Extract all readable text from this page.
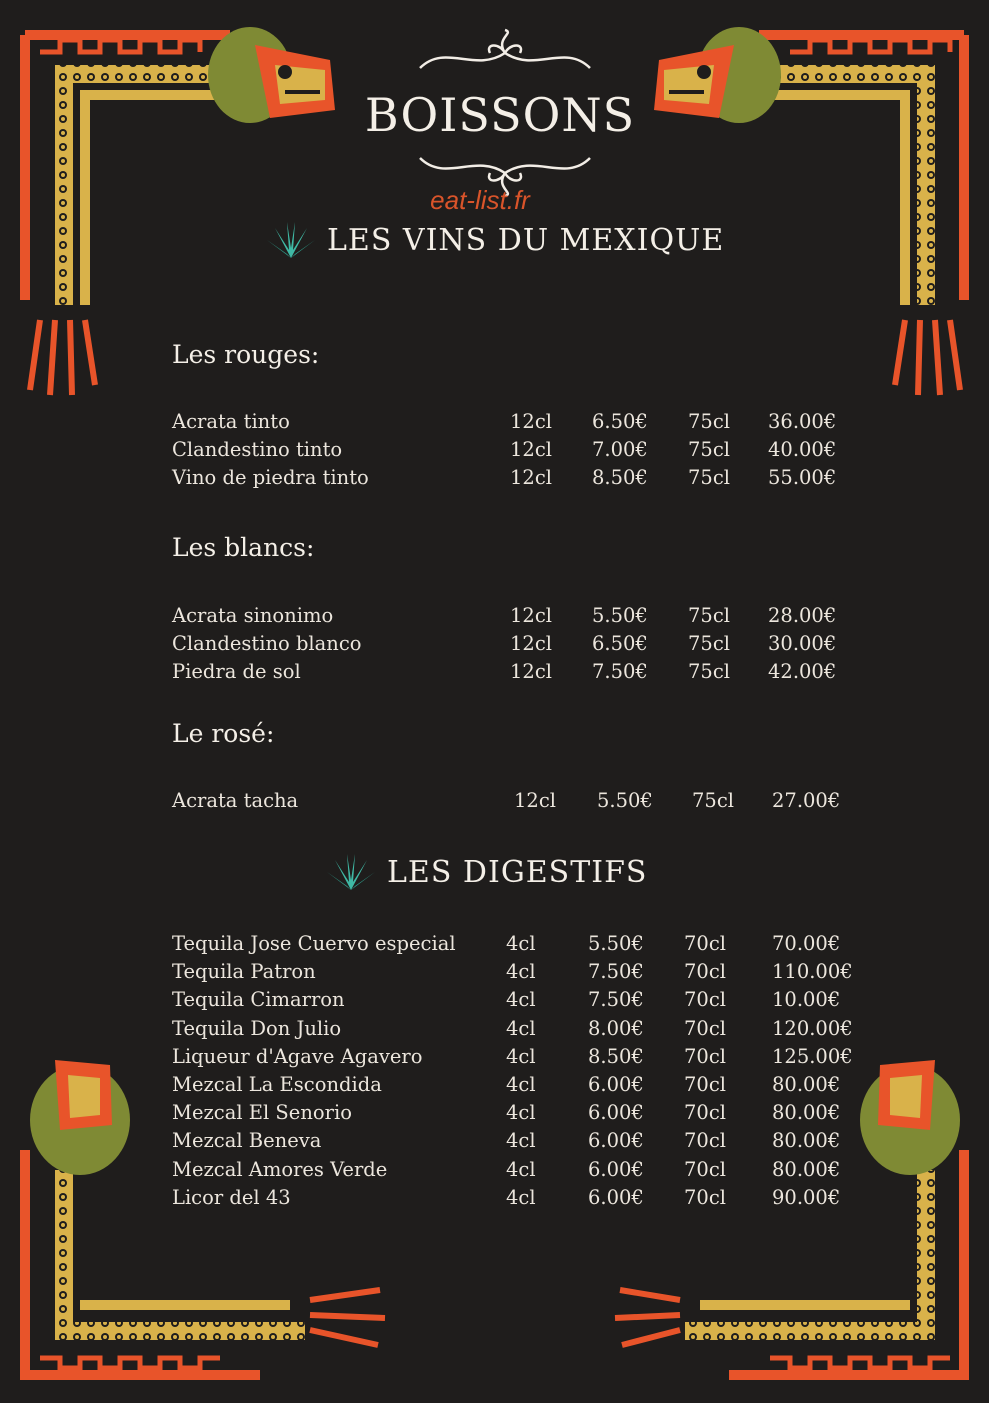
BOISSONS
eat-list.fr
LES VINS DU MEXIQUE
Les rouges:
Acrata tinto	12cl 6.50€ 75cl 36.00€
Clandestino tinto	12cl 7.00€ 75cl 40.00€
Vino de piedra tinto	12cl 8.50€ 75cl 55.00€
Les blancs:
Acrata sinonimo	12cl 5.50€ 75cl 28.00€
Clandestino blanco	12cl 6.50€ 75cl 30.00€
Piedra de sol	12cl 7.50€ 75cl 42.00€
Le rosé:
Acrata tacha	12cl 5.50€ 75cl 27.00€
LES DIGESTIFS
Tequila Jose Cuervo especial	4cl	5.50€ 70cl 70.00€
Tequila Patron	4cl	7.50€ 70cl 110.00€
Tequila Cimarron	4cl	7.50€ 70cl 10.00€
Tequila Don Julio	4cl	8.00€ 70cl 120.00€
Liqueur d'Agave Agavero	4cl	8.50€ 70cl 125.00€
Mezcal La Escondida	4cl	6.00€ 70cl 80.00€
Mezcal El Senorio	4cl	6.00€ 70cl 80.00€
Mezcal Beneva	4cl	6.00€ 70cl 80.00€
Mezcal Amores Verde	4cl	6.00€ 70cl 80.00€
Licor del 43	4cl	6.00€ 70cl 90.00€
